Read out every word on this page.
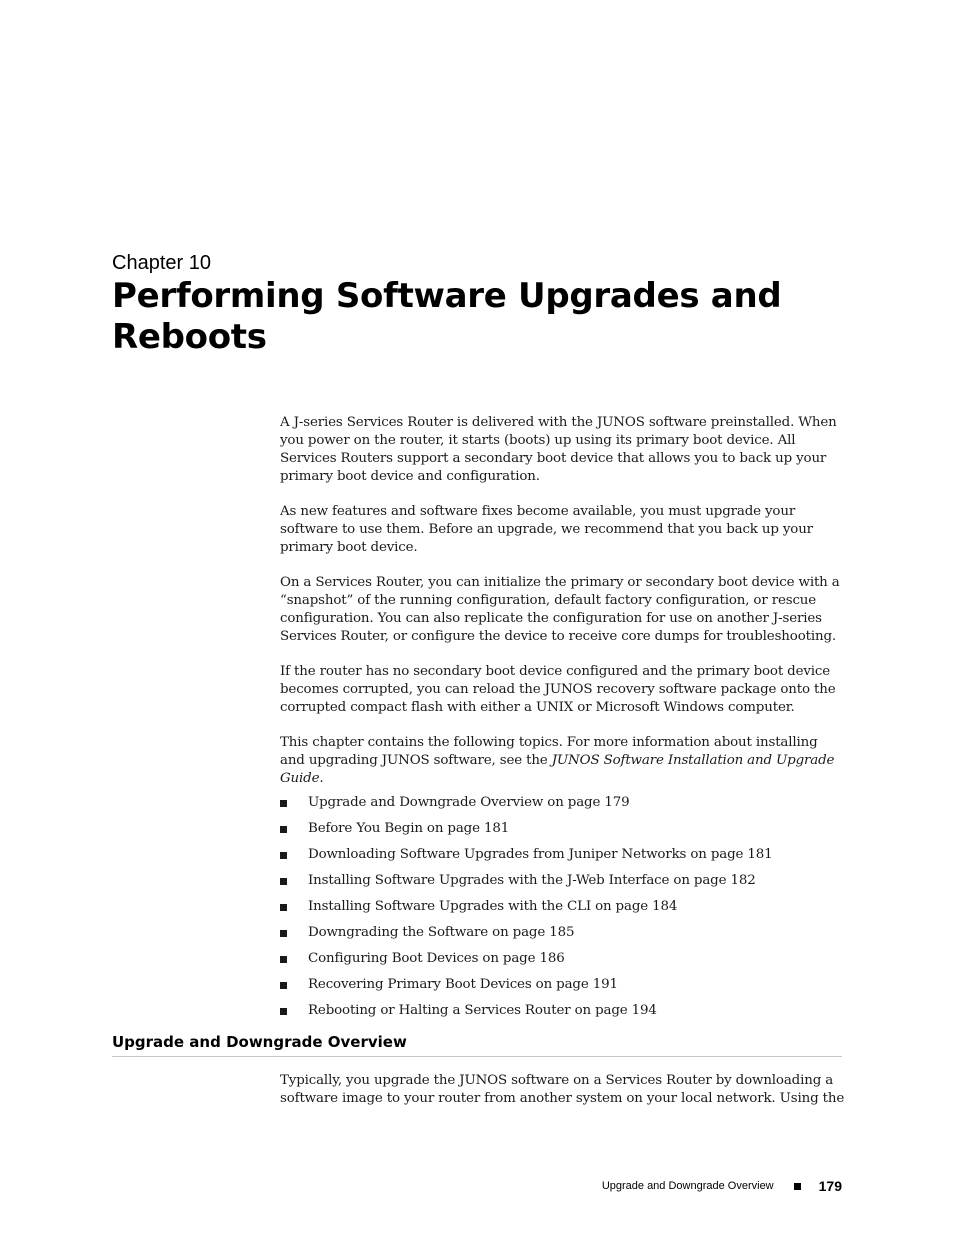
Chapter 10
Performing Software Upgrades and Reboots

A J-series Services Router is delivered with the JUNOS software preinstalled. When you power on the router, it starts (boots) up using its primary boot device. All Services Routers support a secondary boot device that allows you to back up your primary boot device and configuration.

As new features and software fixes become available, you must upgrade your software to use them. Before an upgrade, we recommend that you back up your primary boot device.

On a Services Router, you can initialize the primary or secondary boot device with a “snapshot” of the running configuration, default factory configuration, or rescue configuration. You can also replicate the configuration for use on another J-series Services Router, or configure the device to receive core dumps for troubleshooting.

If the router has no secondary boot device configured and the primary boot device becomes corrupted, you can reload the JUNOS recovery software package onto the corrupted compact flash with either a UNIX or Microsoft Windows computer.

This chapter contains the following topics. For more information about installing and upgrading JUNOS software, see the JUNOS Software Installation and Upgrade Guide.

Upgrade and Downgrade Overview on page 179
Before You Begin on page 181
Downloading Software Upgrades from Juniper Networks on page 181
Installing Software Upgrades with the J-Web Interface on page 182
Installing Software Upgrades with the CLI on page 184
Downgrading the Software on page 185
Configuring Boot Devices on page 186
Recovering Primary Boot Devices on page 191
Rebooting or Halting a Services Router on page 194
Upgrade and Downgrade Overview

Typically, you upgrade the JUNOS software on a Services Router by downloading a software image to your router from another system on your local network. Using the

Upgrade and Downgrade Overview	179
